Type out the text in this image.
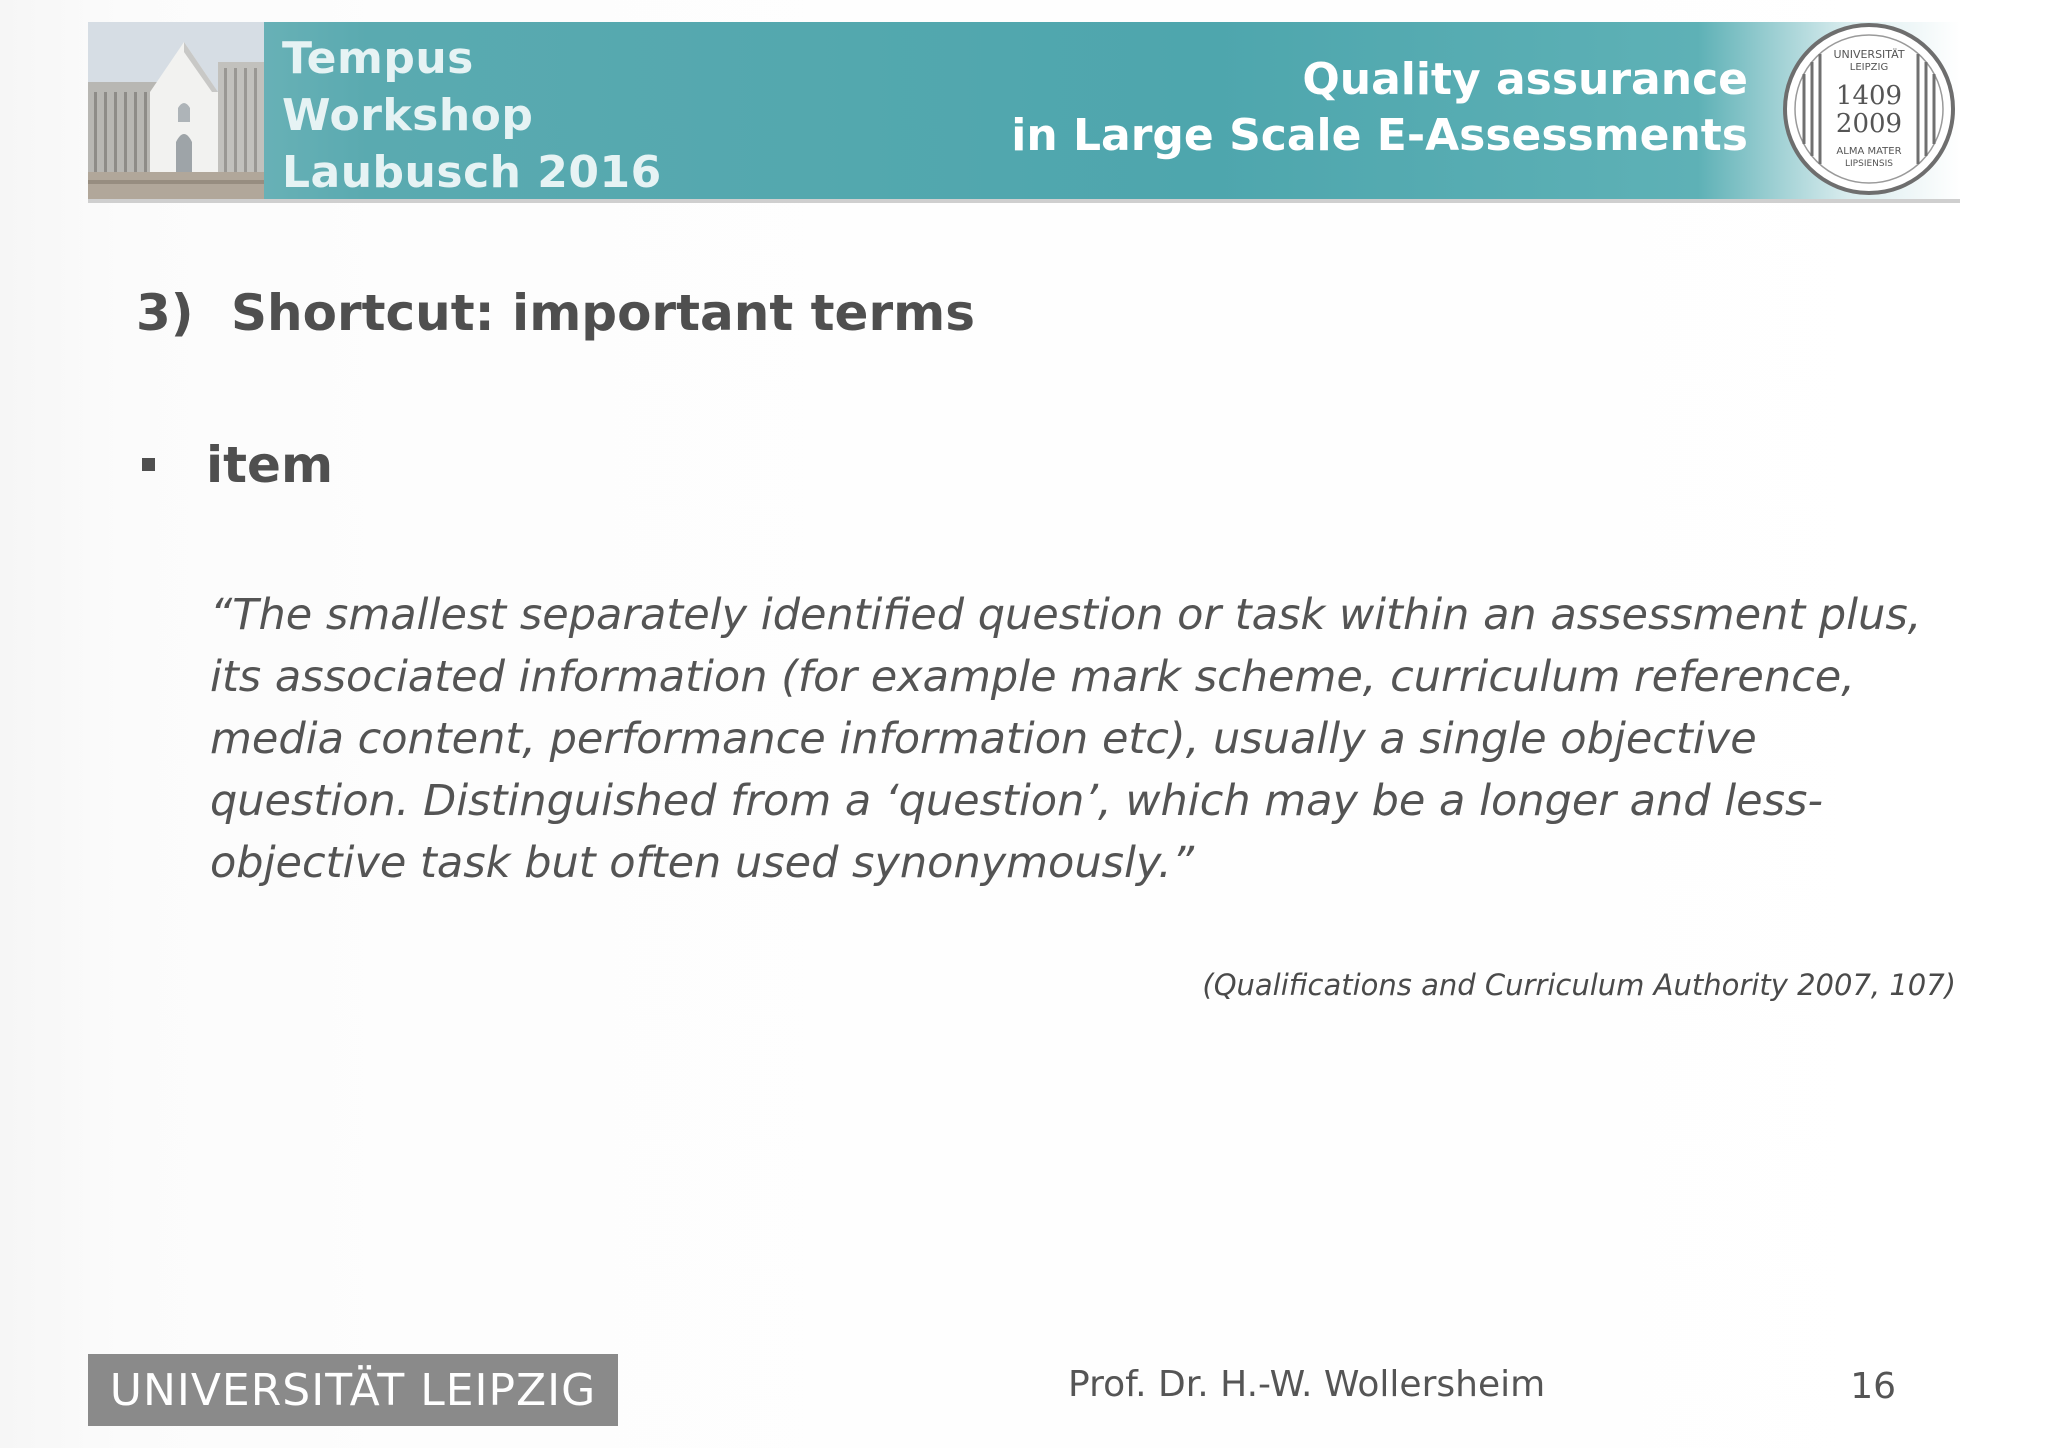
Tempus
Workshop
Laubusch 2016
Quality assurance
in Large Scale E-Assessments
UNIVERSITÄT
LEIPZIG
1409
2009
ALMA MATER
LIPSIENSIS
3) Shortcut: important terms
item
“The smallest separately identified question or task within an assessment plus,
its associated information (for example mark scheme, curriculum reference,
media content, performance information etc), usually a single objective
question. Distinguished from a ‘question’, which may be a longer and less-
objective task but often used synonymously.”
(Qualifications and Curriculum Authority 2007, 107)
UNIVERSITÄT LEIPZIG	Prof. Dr. H.-W. Wollersheim	16
